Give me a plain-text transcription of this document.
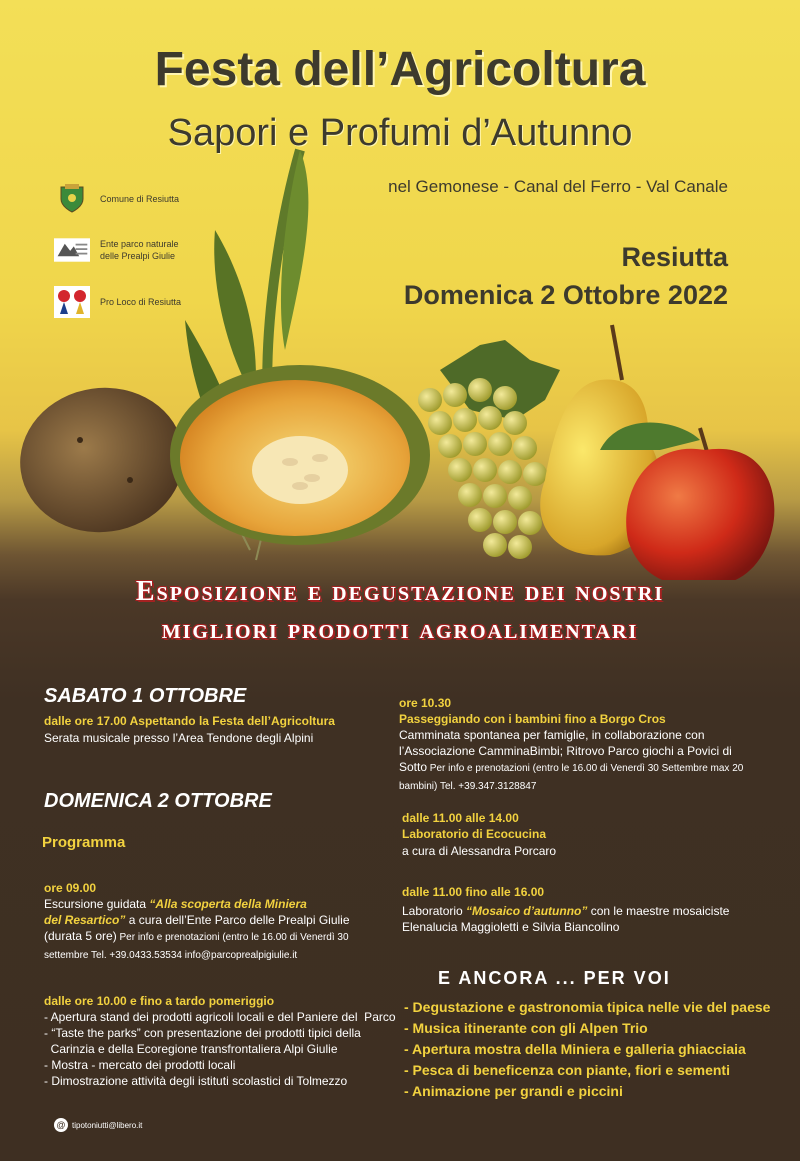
Festa dell’Agricoltura
Sapori e Profumi d’Autunno
nel Gemonese - Canal del Ferro - Val Canale
Resiutta
Domenica 2 Ottobre 2022
Comune di Resiutta
Ente parco naturale delle Prealpi Giulie
Pro Loco di Resiutta
Esposizione e degustazione dei nostri
migliori prodotti agroalimentari
SABATO 1 OTTOBRE
dalle ore 17.00 Aspettando la Festa dell’Agricoltura
Serata musicale presso l’Area Tendone degli Alpini
DOMENICA 2 OTTOBRE
Programma
ore 09.00
Escursione guidata “Alla scoperta della Miniera
del Resartico” a cura dell’Ente Parco delle Prealpi Giulie
(durata 5 ore) Per info e prenotazioni (entro le 16.00 di Venerdì 30 settembre Tel. +39.0433.53534 info@parcoprealpigiulie.it
dalle ore 10.00 e fino a tardo pomeriggio
- Apertura stand dei prodotti agricoli locali e del Paniere del  Parco
- “Taste the parks” con presentazione dei prodotti tipici della
Carinzia e della Ecoregione transfrontaliera Alpi Giulie
- Mostra - mercato dei prodotti locali
- Dimostrazione attività degli istituti scolastici di Tolmezzo
ore 10.30
Passeggiando con i bambini fino a Borgo Cros
Camminata spontanea per famiglie, in collaborazione con l’Associazione CamminaBimbi; Ritrovo Parco giochi a Povici di Sotto Per info e prenotazioni (entro le 16.00 di Venerdì 30 Settembre max 20 bambini) Tel. +39.347.3128847
dalle 11.00 alle 14.00
Laboratorio di Ecocucina
a cura di Alessandra Porcaro
dalle 11.00 fino alle 16.00
Laboratorio “Mosaico d’autunno” con le maestre mosaiciste Elenalucia Maggioletti e Silvia Biancolino
E ANCORA ... PER VOI
- Degustazione e gastronomia tipica nelle vie del paese
- Musica itinerante con gli Alpen Trio
- Apertura mostra della Miniera e galleria ghiacciaia
- Pesca di beneficenza con piante, fiori e sementi
- Animazione per grandi e piccini
@ tipotoniutti@libero.it
